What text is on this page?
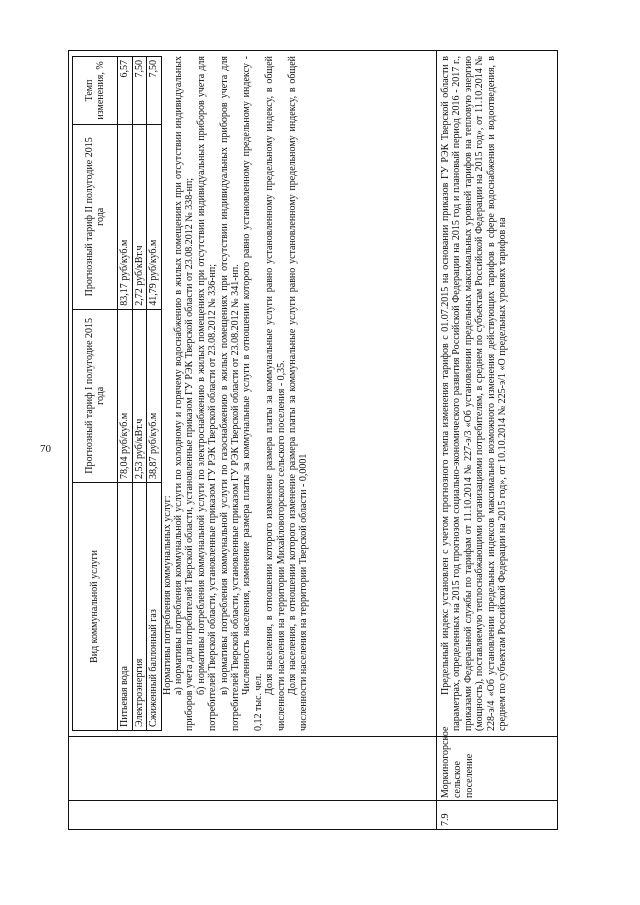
70
Вид коммунальной услуги	Прогнозный тариф I полугодие 2015 года	Прогнозный тариф II полугодие 2015 года	Темп изменения, %
Питьевая вода	78,04 руб/куб.м	83,17 руб/куб.м	6,57
Электроэнергия	2,53 руб/кВт.ч	2,72 руб/кВт.ч	7,50
Сжиженный баллонный газ	38,87 руб/куб.м	41,79 руб/куб.м	7,50

Нормативы потребления коммунальных услуг: а) нормативы потребления коммунальной услуги по холодному и горячему водоснабжению в жилых помещениях при отсутствии индивидуальных приборов учета для потребителей Тверской области, установленные приказом ГУ РЭК Тверской области от 23.08.2012 № 338-нп; б) нормативы потребления коммунальной услуги по электроснабжению в жилых помещениях при отсутствии индивидуальных приборов учета для потребителей Тверской области, установленные приказом ГУ РЭК Тверской области от 23.08.2012 № 336-нп; в) нормативы потребления коммунальной услуги по газоснабжению в жилых помещениях при отсутствии индивидуальных приборов учета для потребителей Тверской области, установленные приказом ГУ РЭК Тверской области от 23.08.2012 № 341-нп. Численность населения, изменение размера платы за коммунальные услуги в отношении которого равно установленному предельному индексу - 0,12 тыс. чел.

Доля населения, в отношении которого изменение размера платы за коммунальные услуги равно установленному предельному индексу, в общей численности населения на территории Михайловогорского сельского поселения - 0,35. Доля населения, в отношении которого изменение размера платы за коммунальные услуги равно установленному предельному индексу, в общей численности населения на территории Тверской области - 0,0001

7.9
Моркиногорское сельское поселение

Предельный индекс установлен с учетом прогнозного темпа изменения тарифов с 01.07.2015 на основании приказов ГУ РЭК Тверской области в параметрах, определенных на 2015 год прогнозом социально-экономического развития Российской Федерации на 2015 год и плановый период 2016 - 2017 г., приказами Федеральной службы по тарифам от 11.10.2014 № 227-э/3 «Об установлении предельных максимальных уровней тарифов на тепловую энергию (мощность), поставляемую теплоснабжающими организациями потребителям, в среднем по субъектам Российской Федерации на 2015 год», от 11.10.2014 № 228-э/4 «Об установлении предельных индексов максимально возможного изменения действующих тарифов в сфере водоснабжения и водоотведения, в среднем по субъектам Российской Федерации на 2015 год», от 10.10.2014 № 225-э/1 «О предельных уровнях тарифов на
